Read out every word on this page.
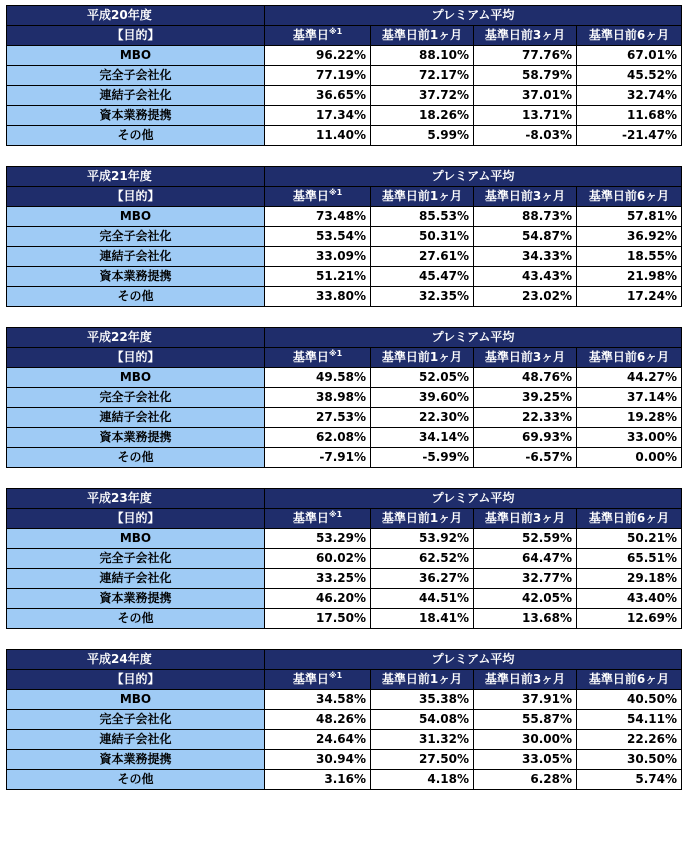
平成20年度	プレミアム平均			
【目的】	基準日$^{※1}$	基準日前1ヶ月	基準日前3ヶ月	基準日前6ヶ月
MBO	96.22%	88.10%	77.76%	67.01%
完全子会社化	77.19%	72.17%	58.79%	45.52%
連結子会社化	36.65%	37.72%	37.01%	32.74%
資本業務提携	17.34%	18.26%	13.71%	11.68%
その他	11.40%	5.99%	-8.03%	-21.47%
平成21年度	プレミアム平均			
【目的】	基準日$^{※1}$	基準日前1ヶ月	基準日前3ヶ月	基準日前6ヶ月
MBO	73.48%	85.53%	88.73%	57.81%
完全子会社化	53.54%	50.31%	54.87%	36.92%
連結子会社化	33.09%	27.61%	34.33%	18.55%
資本業務提携	51.21%	45.47%	43.43%	21.98%
その他	33.80%	32.35%	23.02%	17.24%
平成22年度	プレミアム平均			
【目的】	基準日$^{※1}$	基準日前1ヶ月	基準日前3ヶ月	基準日前6ヶ月
MBO	49.58%	52.05%	48.76%	44.27%
完全子会社化	38.98%	39.60%	39.25%	37.14%
連結子会社化	27.53%	22.30%	22.33%	19.28%
資本業務提携	62.08%	34.14%	69.93%	33.00%
その他	-7.91%	-5.99%	-6.57%	0.00%
平成23年度	プレミアム平均			
【目的】	基準日$^{※1}$	基準日前1ヶ月	基準日前3ヶ月	基準日前6ヶ月
MBO	53.29%	53.92%	52.59%	50.21%
完全子会社化	60.02%	62.52%	64.47%	65.51%
連結子会社化	33.25%	36.27%	32.77%	29.18%
資本業務提携	46.20%	44.51%	42.05%	43.40%
その他	17.50%	18.41%	13.68%	12.69%
平成24年度	プレミアム平均			
【目的】	基準日$^{※1}$	基準日前1ヶ月	基準日前3ヶ月	基準日前6ヶ月
MBO	34.58%	35.38%	37.91%	40.50%
完全子会社化	48.26%	54.08%	55.87%	54.11%
連結子会社化	24.64%	31.32%	30.00%	22.26%
資本業務提携	30.94%	27.50%	33.05%	30.50%
その他	3.16%	4.18%	6.28%	5.74%
